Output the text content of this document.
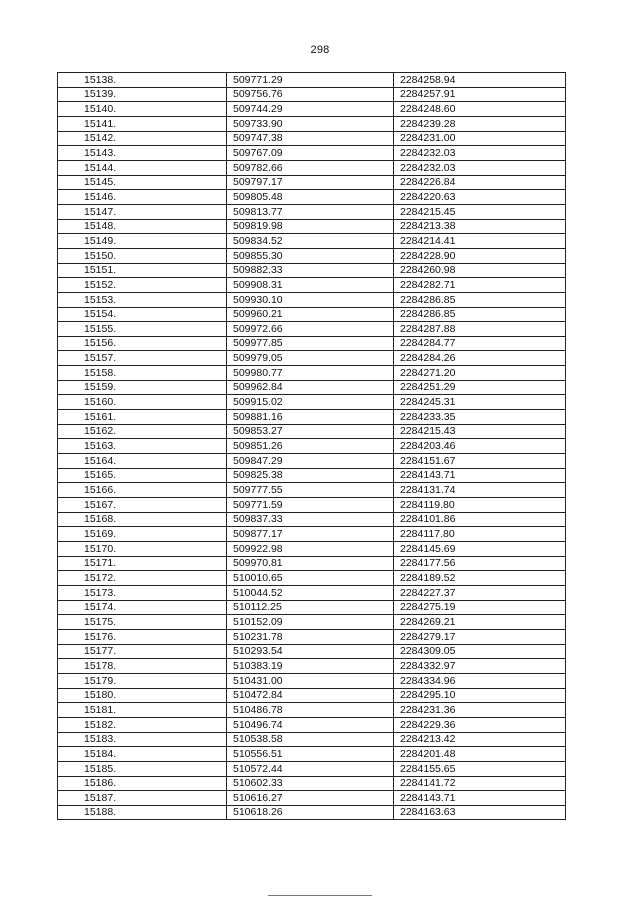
298
15138.	509771.29	2284258.94
15139.	509756.76	2284257.91
15140.	509744.29	2284248.60
15141.	509733.90	2284239.28
15142.	509747.38	2284231.00
15143.	509767.09	2284232.03
15144.	509782.66	2284232.03
15145.	509797.17	2284226.84
15146.	509805.48	2284220.63
15147.	509813.77	2284215.45
15148.	509819.98	2284213.38
15149.	509834.52	2284214.41
15150.	509855.30	2284228.90
15151.	509882.33	2284260.98
15152.	509908.31	2284282.71
15153.	509930.10	2284286.85
15154.	509960.21	2284286.85
15155.	509972.66	2284287.88
15156.	509977.85	2284284.77
15157.	509979.05	2284284.26
15158.	509980.77	2284271.20
15159.	509962.84	2284251.29
15160.	509915.02	2284245.31
15161.	509881.16	2284233.35
15162.	509853.27	2284215.43
15163.	509851.26	2284203.46
15164.	509847.29	2284151.67
15165.	509825.38	2284143.71
15166.	509777.55	2284131.74
15167.	509771.59	2284119.80
15168.	509837.33	2284101.86
15169.	509877.17	2284117.80
15170.	509922.98	2284145.69
15171.	509970.81	2284177.56
15172.	510010.65	2284189.52
15173.	510044.52	2284227.37
15174.	510112.25	2284275.19
15175.	510152.09	2284269.21
15176.	510231.78	2284279.17
15177.	510293.54	2284309.05
15178.	510383.19	2284332.97
15179.	510431.00	2284334.96
15180.	510472.84	2284295.10
15181.	510486.78	2284231.36
15182.	510496.74	2284229.36
15183.	510538.58	2284213.42
15184.	510556.51	2284201.48
15185.	510572.44	2284155.65
15186.	510602.33	2284141.72
15187.	510616.27	2284143.71
15188.	510618.26	2284163.63
